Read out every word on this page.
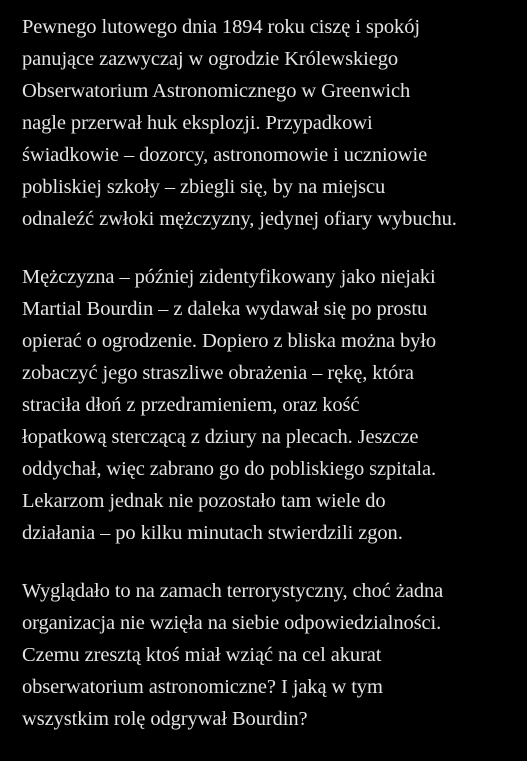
Pewnego lutowego dnia 1894 roku ciszę i spokój
panujące zazwyczaj w ogrodzie Królewskiego
Obserwatorium Astronomicznego w Greenwich
nagle przerwał huk eksplozji. Przypadkowi
świadkowie – dozorcy, astronomowie i uczniowie
pobliskiej szkoły – zbiegli się, by na miejscu
odnaleźć zwłoki mężczyzny, jedynej ofiary wybuchu.

Mężczyzna – później zidentyfikowany jako niejaki
Martial Bourdin – z daleka wydawał się po prostu
opierać o ogrodzenie. Dopiero z bliska można było
zobaczyć jego straszliwe obrażenia – rękę, która
straciła dłoń z przedramieniem, oraz kość
łopatkową sterczącą z dziury na plecach. Jeszcze
oddychał, więc zabrano go do pobliskiego szpitala.
Lekarzom jednak nie pozostało tam wiele do
działania – po kilku minutach stwierdzili zgon.

Wyglądało to na zamach terrorystyczny, choć żadna
organizacja nie wzięła na siebie odpowiedzialności.
Czemu zresztą ktoś miał wziąć na cel akurat
obserwatorium astronomiczne? I jaką w tym
wszystkim rolę odgrywał Bourdin?
